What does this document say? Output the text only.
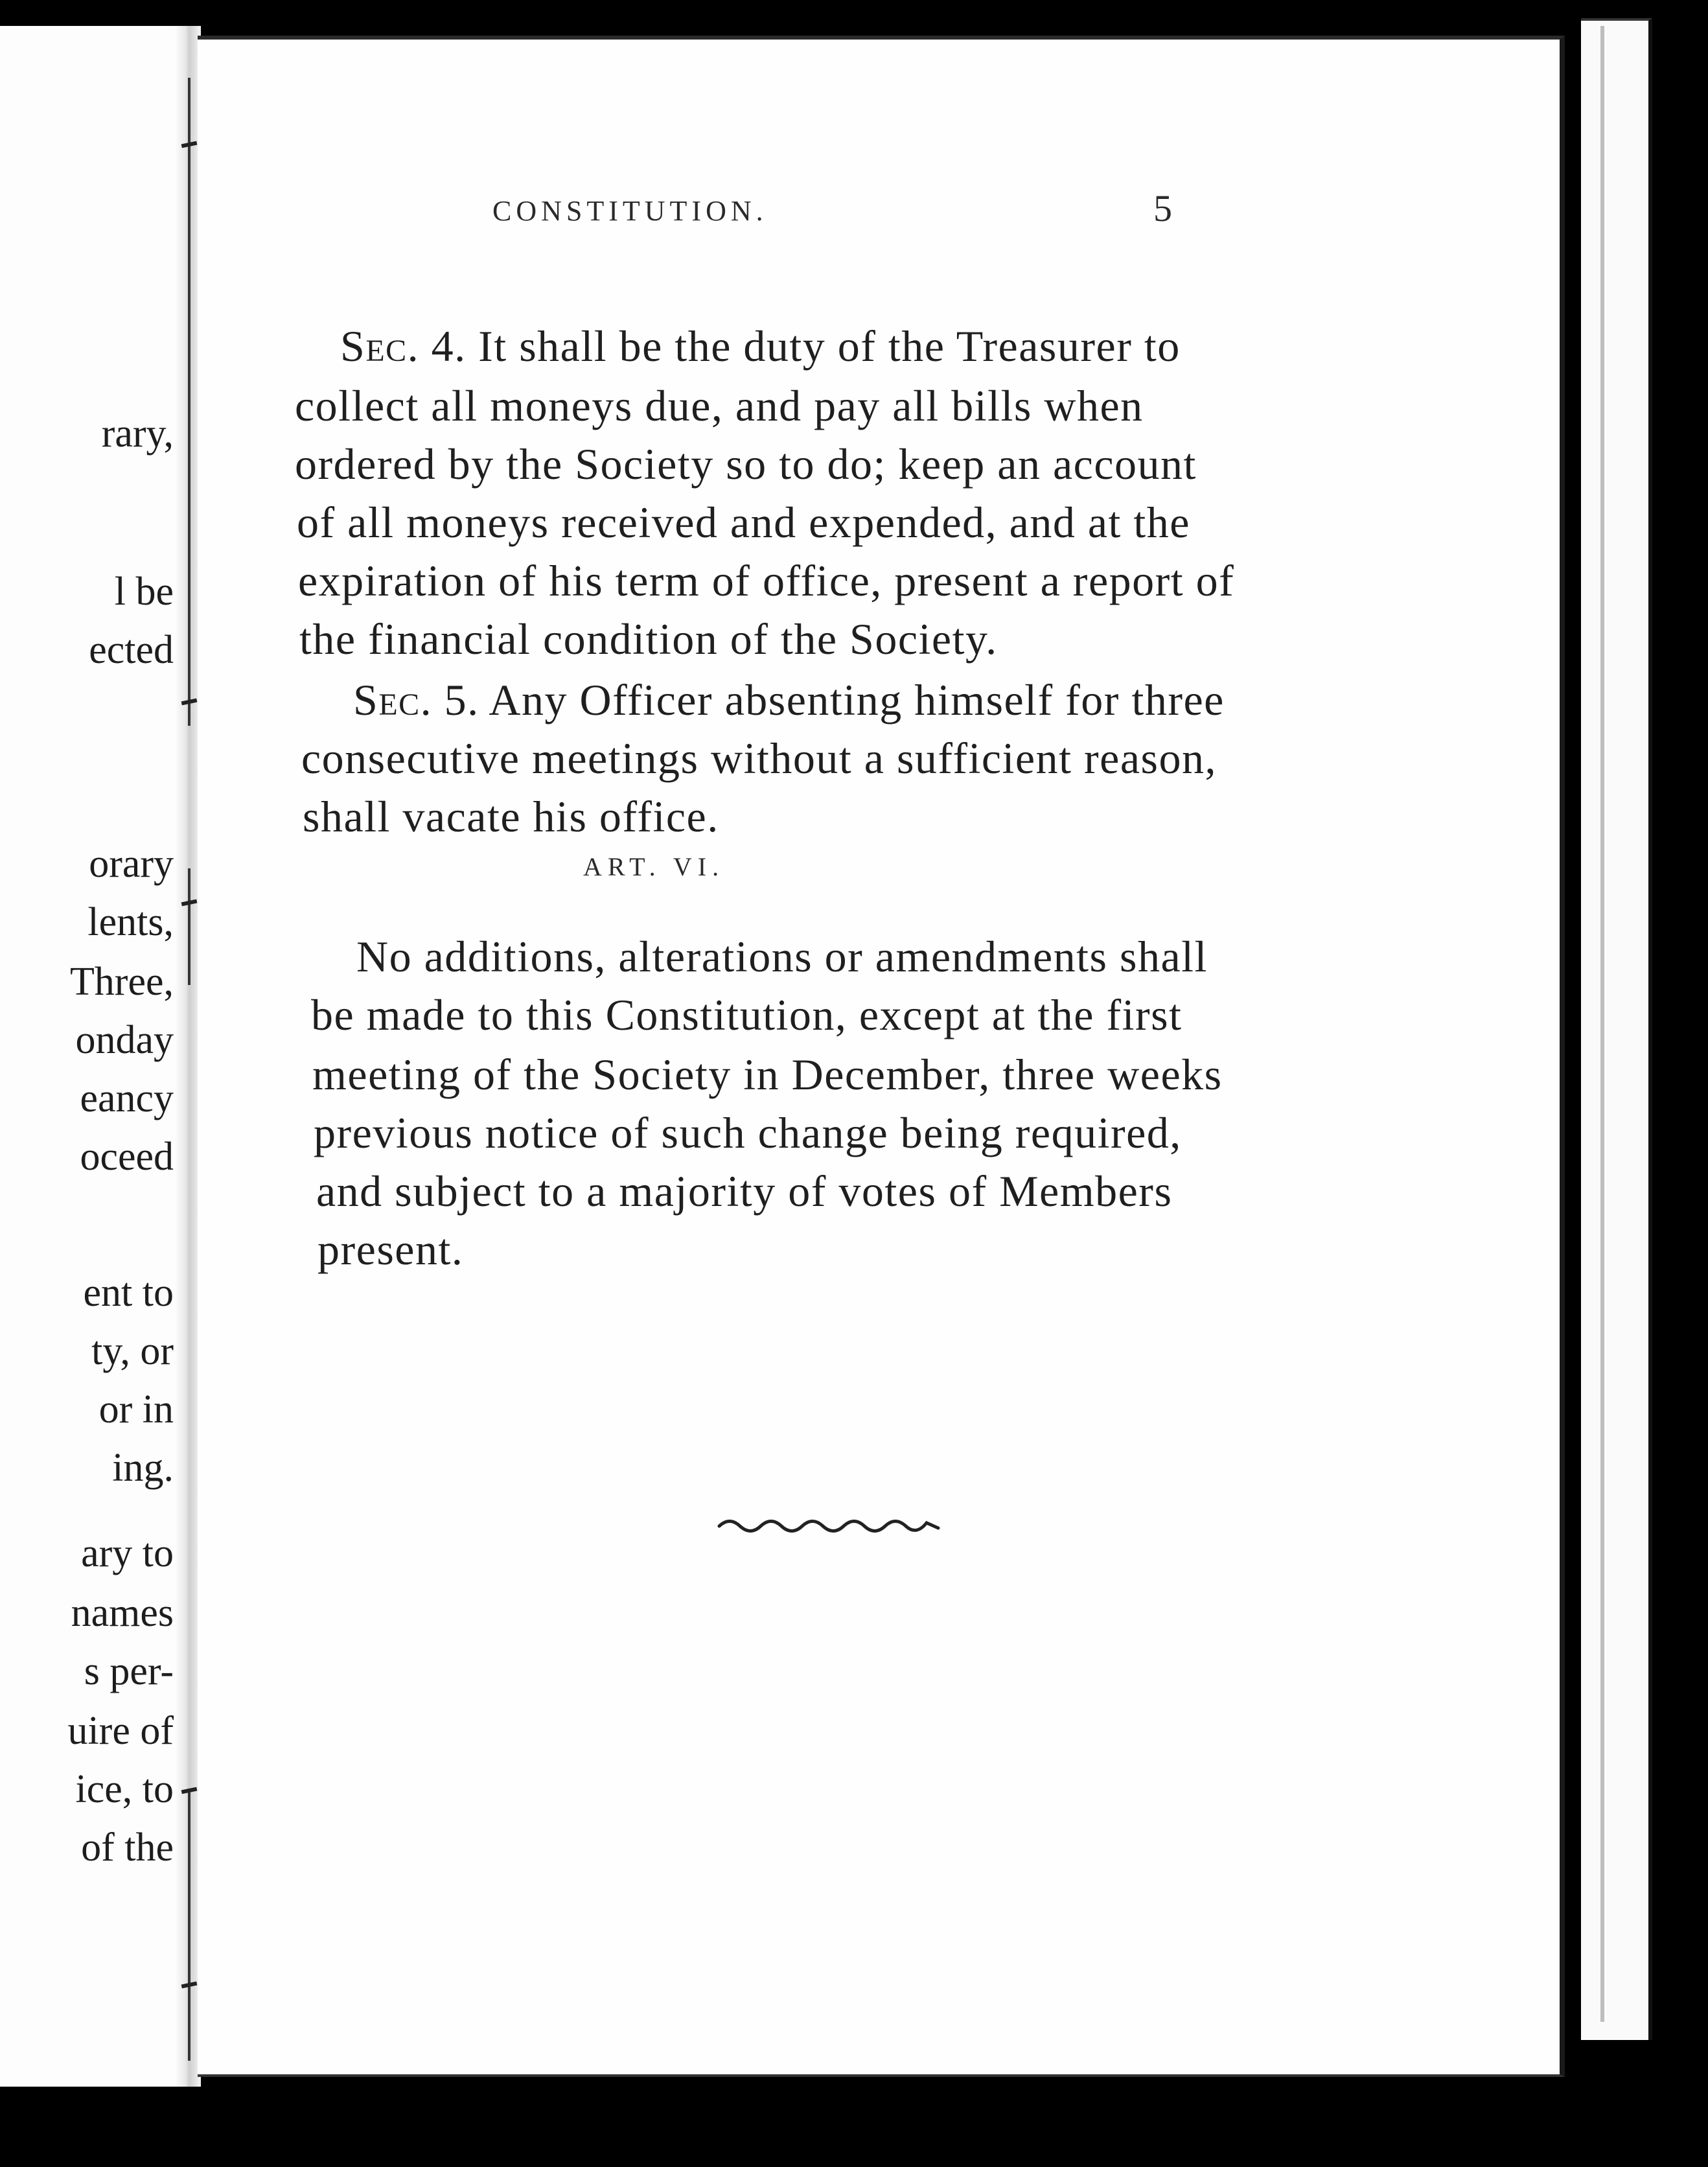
rary,
l be
ected
orary
lents,
Three,
onday
eancy
oceed
ent to
ty, or
or in
ing.
ary to
names
s per-
uire of
ice, to
of the
CONSTITUTION.	5
Sec. 4. It shall be the duty of the Treasurer to
collect all moneys due, and pay all bills when
ordered by the Society so to do; keep an account
of all moneys received and expended, and at the
expiration of his term of office, present a report of
the financial condition of the Society.
Sec. 5. Any Officer absenting himself for three
consecutive meetings without a sufficient reason,
shall vacate his office.
ART. VI.
No additions, alterations or amendments shall
be made to this Constitution, except at the first
meeting of the Society in December, three weeks
previous notice of such change being required,
and subject to a majority of votes of Members
present.
